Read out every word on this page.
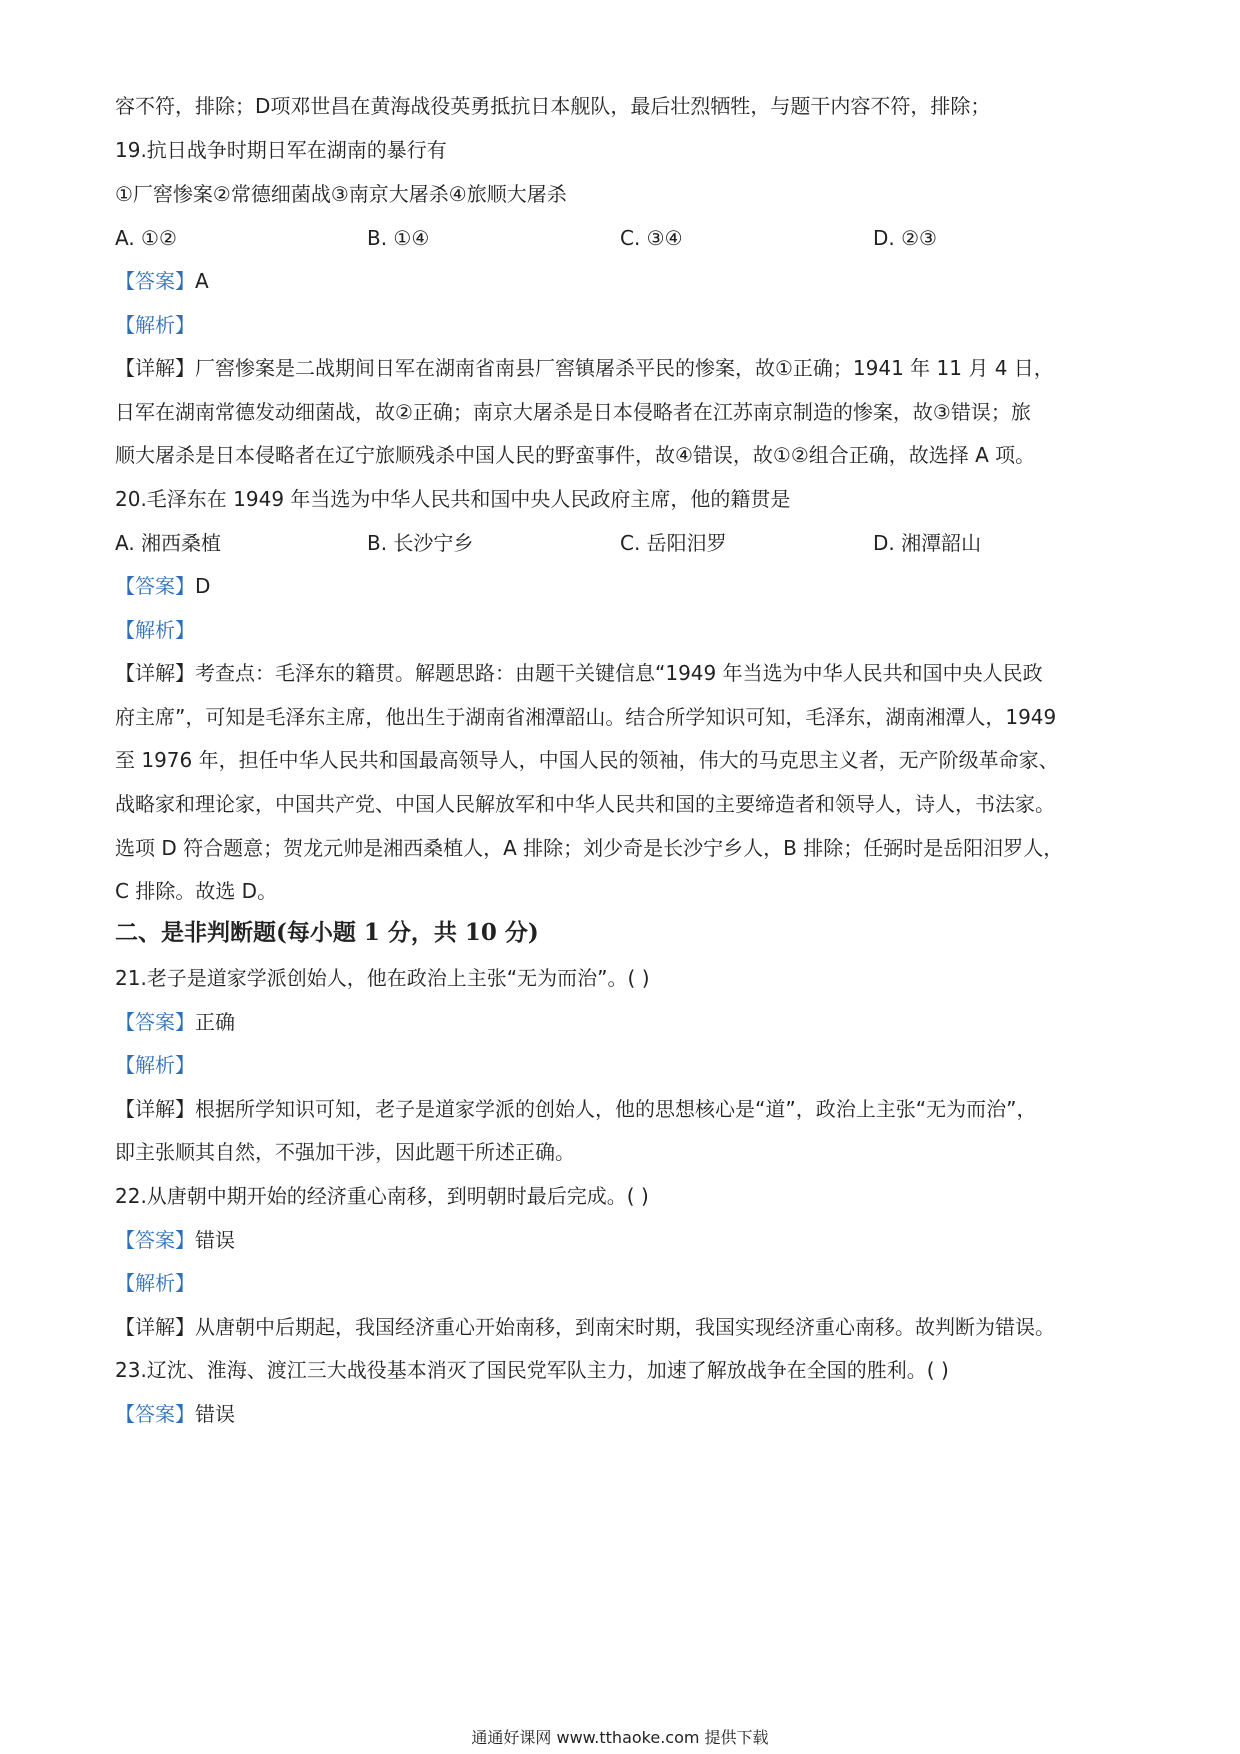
容不符，排除；D项邓世昌在黄海战役英勇抵抗日本舰队，最后壮烈牺牲，与题干内容不符，排除；
19.抗日战争时期日军在湖南的暴行有
①厂窖惨案②常德细菌战③南京大屠杀④旅顺大屠杀
A. ①②	B. ①④	C. ③④	D. ②③
【答案】A
【解析】
【详解】厂窖惨案是二战期间日军在湖南省南县厂窖镇屠杀平民的惨案，故①正确；1941 年 11 月 4 日，
日军在湖南常德发动细菌战，故②正确；南京大屠杀是日本侵略者在江苏南京制造的惨案，故③错误；旅
顺大屠杀是日本侵略者在辽宁旅顺残杀中国人民的野蛮事件，故④错误，故①②组合正确，故选择 A 项。
20.毛泽东在 1949 年当选为中华人民共和国中央人民政府主席，他的籍贯是
A. 湘西桑植	B. 长沙宁乡	C. 岳阳汨罗	D. 湘潭韶山
【答案】D
【解析】
【详解】考查点：毛泽东的籍贯。解题思路：由题干关键信息“1949 年当选为中华人民共和国中央人民政
府主席”，可知是毛泽东主席，他出生于湖南省湘潭韶山。结合所学知识可知，毛泽东，湖南湘潭人，1949
至 1976 年，担任中华人民共和国最高领导人，中国人民的领袖，伟大的马克思主义者，无产阶级革命家、
战略家和理论家，中国共产党、中国人民解放军和中华人民共和国的主要缔造者和领导人，诗人，书法家。
选项 D 符合题意；贺龙元帅是湘西桑植人，A 排除；刘少奇是长沙宁乡人，B 排除；任弼时是岳阳汨罗人，
C 排除。故选 D。
二、是非判断题(每小题 1 分，共 10 分)
21.老子是道家学派创始人，他在政治上主张“无为而治”。( )
【答案】正确
【解析】
【详解】根据所学知识可知，老子是道家学派的创始人，他的思想核心是“道”，政治上主张“无为而治”，
即主张顺其自然，不强加干涉，因此题干所述正确。
22.从唐朝中期开始的经济重心南移，到明朝时最后完成。( )
【答案】错误
【解析】
【详解】从唐朝中后期起，我国经济重心开始南移，到南宋时期，我国实现经济重心南移。故判断为错误。
23.辽沈、淮海、渡江三大战役基本消灭了国民党军队主力，加速了解放战争在全国的胜利。( )
【答案】错误
通通好课网 www.tthaoke.com 提供下载
